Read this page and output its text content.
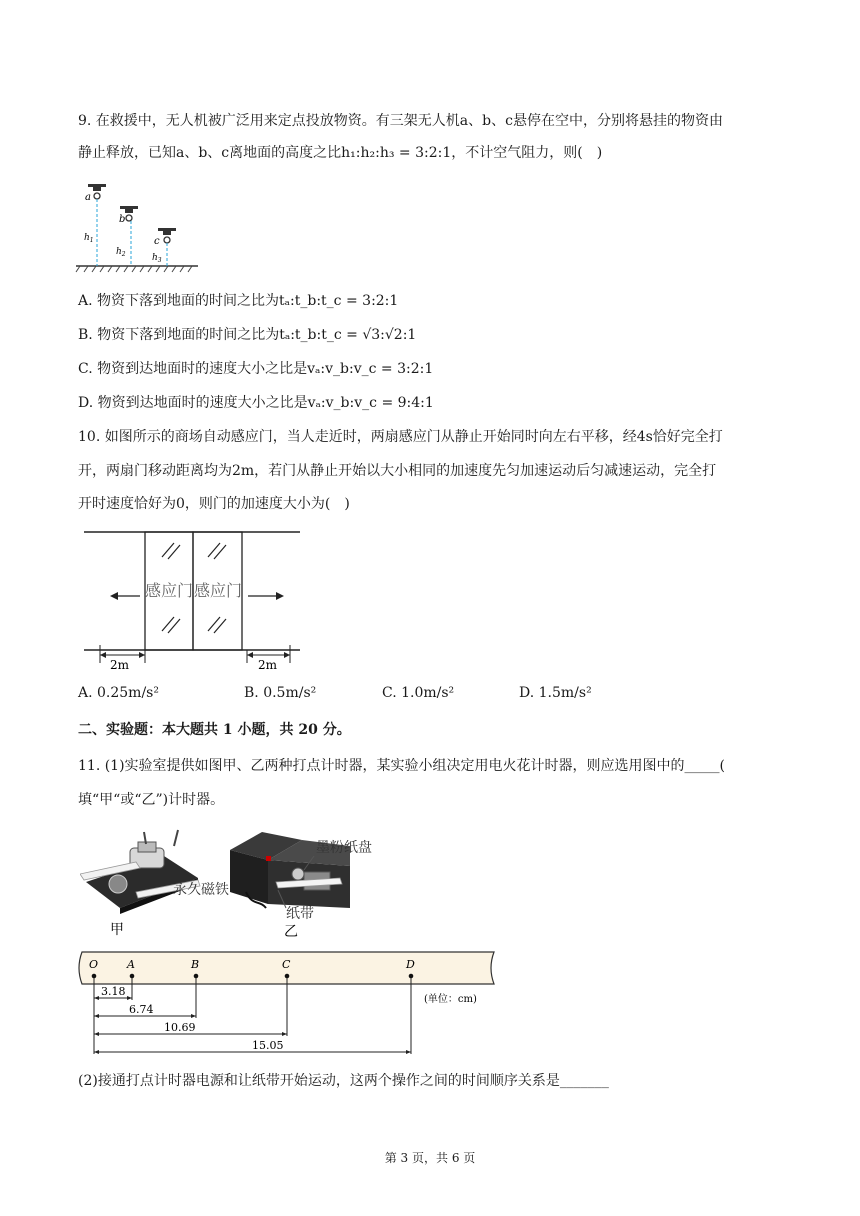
9. 在救援中，无人机被广泛用来定点投放物资。有三架无人机a、b、c悬停在空中，分别将悬挂的物资由
静止释放，已知a、b、c离地面的高度之比h₁:h₂:h₃ = 3:2:1，不计空气阻力，则(　)
a
$h_1$
b
$h_2$
c
$h_3$
A. 物资下落到地面的时间之比为tₐ:t_b:t_c = 3:2:1
B. 物资下落到地面的时间之比为tₐ:t_b:t_c = √3:√2:1
C. 物资到达地面时的速度大小之比是vₐ:v_b:v_c = 3:2:1
D. 物资到达地面时的速度大小之比是vₐ:v_b:v_c = 9:4:1
10. 如图所示的商场自动感应门，当人走近时，两扇感应门从静止开始同时向左右平移，经4s恰好完全打
开，两扇门移动距离均为2m，若门从静止开始以大小相同的加速度先匀加速运动后匀减速运动，完全打
开时速度恰好为0，则门的加速度大小为(　)
感应门 感应门
2m	2m
A. 0.25m/s²	B. 0.5m/s²	C. 1.0m/s²	D. 1.5m/s²
二、实验题：本大题共 1 小题，共 20 分。
11. (1)实验室提供如图甲、乙两种打点计时器，某实验小组决定用电火花计时器，则应选用图中的_____(
填“甲“或“乙”)计时器。
永久磁铁
甲
墨粉纸盘
纸带
乙
O	A	B	C	D
3.18
6.74
10.69
15.05
(单位：cm)
(2)接通打点计时器电源和让纸带开始运动，这两个操作之间的时间顺序关系是_______
第 3 页，共 6 页
